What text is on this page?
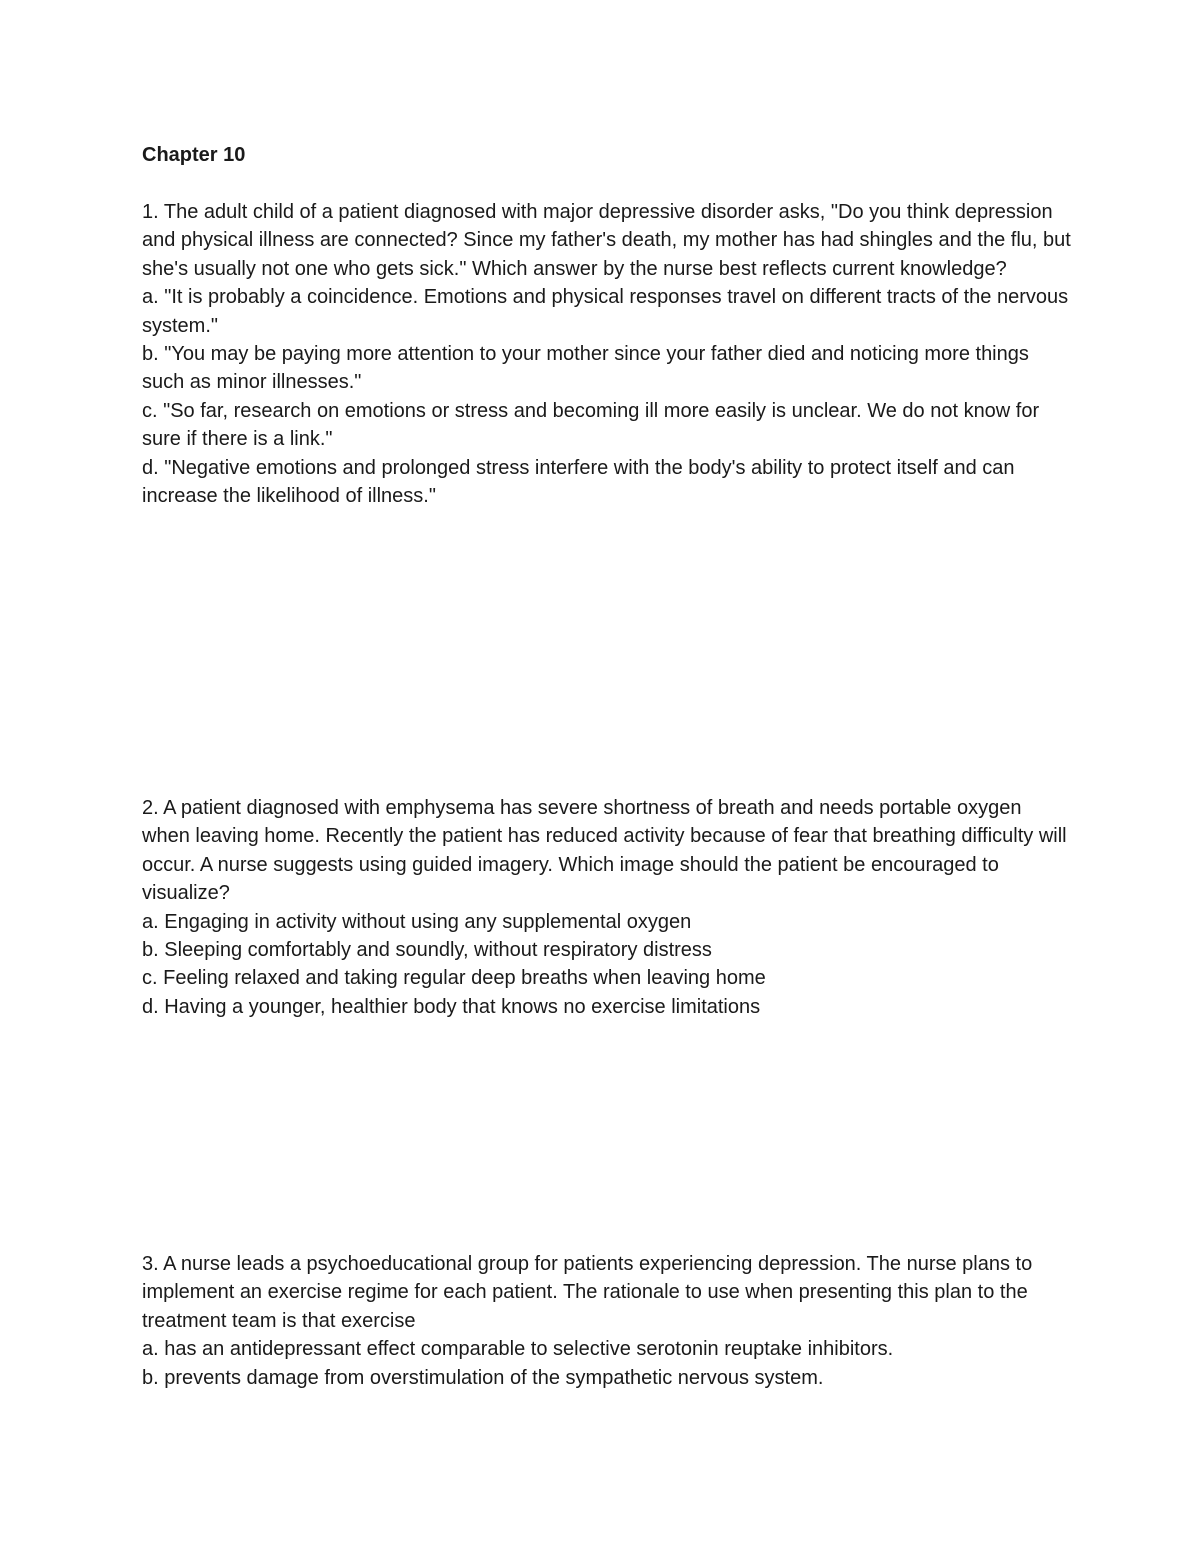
Chapter 10

1. The adult child of a patient diagnosed with major depressive disorder asks, "Do you think depression and physical illness are connected? Since my father's death, my mother has had shingles and the flu, but she's usually not one who gets sick." Which answer by the nurse best reflects current knowledge?

a. "It is probably a coincidence. Emotions and physical responses travel on different tracts of the nervous system."

b. "You may be paying more attention to your mother since your father died and noticing more things such as minor illnesses."

c. "So far, research on emotions or stress and becoming ill more easily is unclear. We do not know for sure if there is a link."

d. "Negative emotions and prolonged stress interfere with the body's ability to protect itself and can increase the likelihood of illness."

2. A patient diagnosed with emphysema has severe shortness of breath and needs portable oxygen when leaving home. Recently the patient has reduced activity because of fear that breathing difficulty will occur. A nurse suggests using guided imagery. Which image should the patient be encouraged to visualize?

a. Engaging in activity without using any supplemental oxygen

b. Sleeping comfortably and soundly, without respiratory distress

c. Feeling relaxed and taking regular deep breaths when leaving home

d. Having a younger, healthier body that knows no exercise limitations

3. A nurse leads a psychoeducational group for patients experiencing depression. The nurse plans to implement an exercise regime for each patient. The rationale to use when presenting this plan to the treatment team is that exercise

a. has an antidepressant effect comparable to selective serotonin reuptake inhibitors.

b. prevents damage from overstimulation of the sympathetic nervous system.
